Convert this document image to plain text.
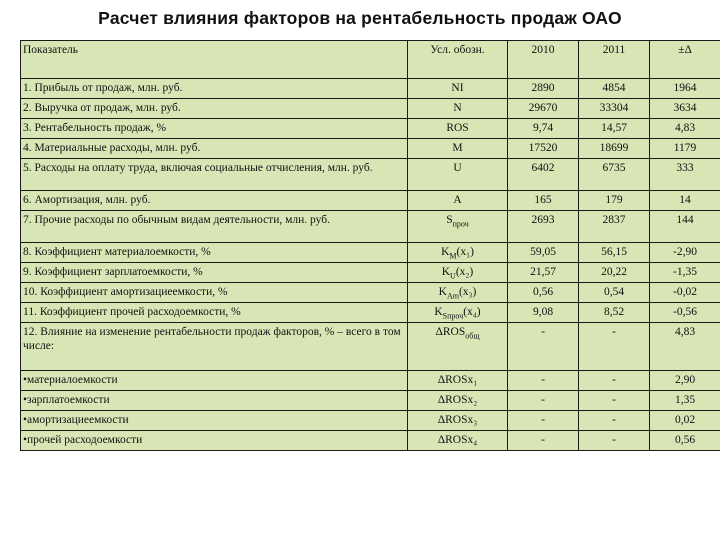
Расчет влияния факторов на рентабельность продаж ОАО
Показатель	Усл. обозн.	2010	2011	±Δ
1. Прибыль от продаж, млн. руб.	NI	2890	4854	1964
2. Выручка от продаж, млн. руб.	N	29670	33304	3634
3. Рентабельность продаж, %	ROS	9,74	14,57	4,83
4. Материальные расходы, млн. руб.	M	17520	18699	1179
5. Расходы на оплату труда, включая социальные отчисления, млн. руб.	U	6402	6735	333
6. Амортизация, млн. руб.	A	165	179	14
7. Прочие расходы по обычным видам деятельности, млн. руб.	$S_{проч}$	2693	2837	144
8. Коэффициент материалоемкости, %	$K_M(x_1)$	59,05	56,15	-2,90
9. Коэффициент зарплатоемкости, %	$K_U(x_2)$	21,57	20,22	-1,35
10. Коэффициент амортизациеемкости, %	$K_{Am}(x_3)$	0,56	0,54	-0,02
11. Коэффициент прочей расходоемкости, %	$K_{Sпроч}(x_4)$	9,08	8,52	-0,56
12. Влияние на изменение рентабельности продаж факторов, % – всего в том числе:	$\Delta ROS_{общ}$	-	-	4,83
•материалоемкости	ΔROSx₁	-	-	2,90
•зарплатоемкости	ΔROSx₂	-	-	1,35
•амортизациеемкости	ΔROSx₃	-	-	0,02
•прочей расходоемкости	ΔROSx₄	-	-	0,56
